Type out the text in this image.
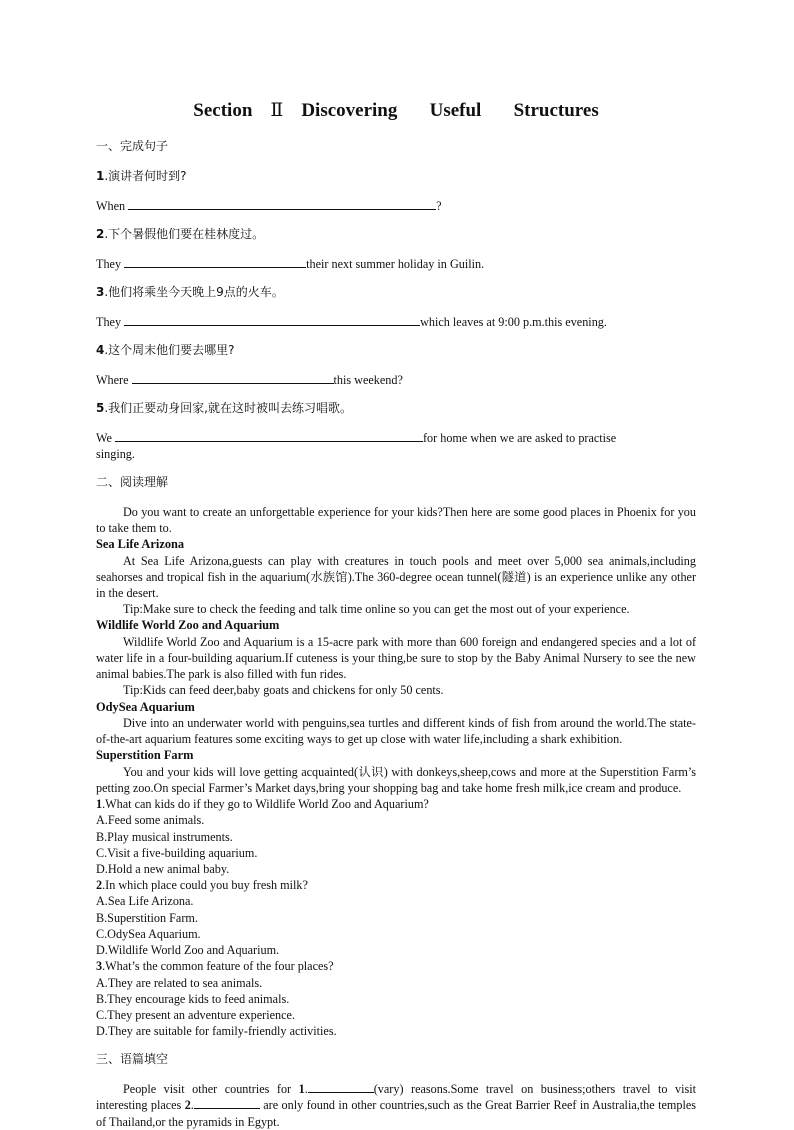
Section Ⅱ Discovering   Useful   Structures

一、完成句子

1.演讲者何时到?

When	?

2.下个暑假他们要在桂林度过。

They	their next summer holiday in Guilin.

3.他们将乘坐今天晚上9点的火车。

They	which leaves at 9:00 p.m.this evening.

4.这个周末他们要去哪里?

Where	this weekend?

5.我们正要动身回家,就在这时被叫去练习唱歌。

We	for home when we are asked to practise

singing.

二、阅读理解

Do you want to create an unforgettable experience for your kids?Then here are some good places in Phoenix for you to take them to.

Sea Life Arizona

At Sea Life Arizona,guests can play with creatures in touch pools and meet over 5,000 sea animals,including seahorses and tropical fish in the aquarium(水族馆).The 360-degree ocean tunnel(隧道) is an experience unlike any other in the desert.

Tip:Make sure to check the feeding and talk time online so you can get the most out of your experience.

Wildlife World Zoo and Aquarium

Wildlife World Zoo and Aquarium is a 15-acre park with more than 600 foreign and endangered species and a lot of water life in a four-building aquarium.If cuteness is your thing,be sure to stop by the Baby Animal Nursery to see the new animal babies.The park is also filled with fun rides.

Tip:Kids can feed deer,baby goats and chickens for only 50 cents.

OdySea Aquarium

Dive into an underwater world with penguins,sea turtles and different kinds of fish from around the world.The state-of-the-art aquarium features some exciting ways to get up close with water life,including a shark exhibition.

Superstition Farm

You and your kids will love getting acquainted(认识) with donkeys,sheep,cows and more at the Superstition Farm’s petting zoo.On special Farmer’s Market days,bring your shopping bag and take home fresh milk,ice cream and produce.

1.What can kids do if they go to Wildlife World Zoo and Aquarium?

A.Feed some animals.

B.Play musical instruments.

C.Visit a five-building aquarium.

D.Hold a new animal baby.

2.In which place could you buy fresh milk?

A.Sea Life Arizona.

B.Superstition Farm.

C.OdySea Aquarium.

D.Wildlife World Zoo and Aquarium.

3.What’s the common feature of the four places?

A.They are related to sea animals.

B.They encourage kids to feed animals.

C.They present an adventure experience.

D.They are suitable for family-friendly activities.

三、语篇填空

People visit other countries for 1.	(vary) reasons.Some travel on business;others travel to visit interesting places 2.	are only found in other countries,such as the Great Barrier Reef in Australia,the temples of Thailand,or the pyramids in Egypt.
